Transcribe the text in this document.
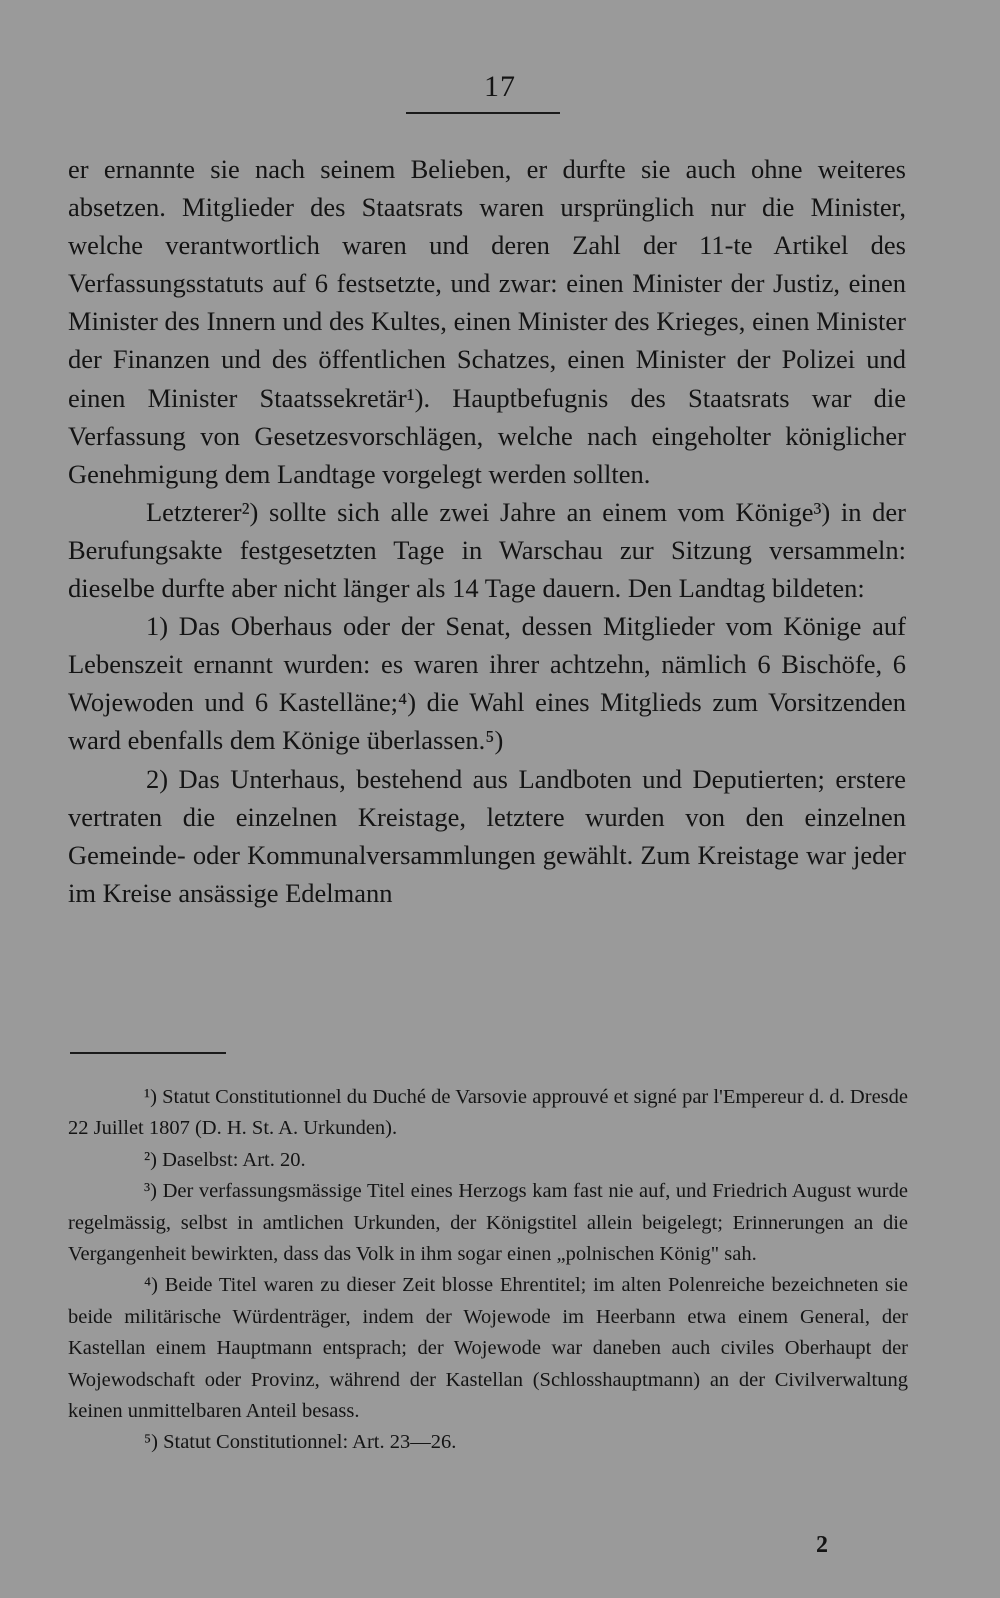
17

er ernannte sie nach seinem Belieben, er durfte sie auch ohne weiteres absetzen. Mitglieder des Staatsrats waren ursprünglich nur die Minister, welche verantwortlich waren und deren Zahl der 11-te Artikel des Verfassungsstatuts auf 6 festsetzte, und zwar: einen Minister der Justiz, einen Minister des Innern und des Kultes, einen Minister des Krieges, einen Minister der Finanzen und des öffentlichen Schatzes, einen Minister der Polizei und einen Minister Staatssekretär¹). Hauptbefugnis des Staatsrats war die Verfassung von Gesetzesvorschlägen, welche nach eingeholter königlicher Genehmigung dem Landtage vorgelegt werden sollten.

Letzterer²) sollte sich alle zwei Jahre an einem vom Könige³) in der Berufungsakte festgesetzten Tage in Warschau zur Sitzung versammeln: dieselbe durfte aber nicht länger als 14 Tage dauern. Den Landtag bildeten:

1) Das Oberhaus oder der Senat, dessen Mitglieder vom Könige auf Lebenszeit ernannt wurden: es waren ihrer achtzehn, nämlich 6 Bischöfe, 6 Wojewoden und 6 Kastelläne;⁴) die Wahl eines Mitglieds zum Vorsitzenden ward ebenfalls dem Könige überlassen.⁵)

2) Das Unterhaus, bestehend aus Landboten und Deputierten; erstere vertraten die einzelnen Kreistage, letztere wurden von den einzelnen Gemeinde- oder Kommunalversammlungen gewählt. Zum Kreistage war jeder im Kreise ansässige Edelmann

¹) Statut Constitutionnel du Duché de Varsovie approuvé et signé par l'Empereur d. d. Dresde 22 Juillet 1807 (D. H. St. A. Urkunden).

²) Daselbst: Art. 20.

³) Der verfassungsmässige Titel eines Herzogs kam fast nie auf, und Friedrich August wurde regelmässig, selbst in amtlichen Urkunden, der Königstitel allein beigelegt; Erinnerungen an die Vergangenheit bewirkten, dass das Volk in ihm sogar einen „polnischen König" sah.

⁴) Beide Titel waren zu dieser Zeit blosse Ehrentitel; im alten Polenreiche bezeichneten sie beide militärische Würdenträger, indem der Wojewode im Heerbann etwa einem General, der Kastellan einem Hauptmann entsprach; der Wojewode war daneben auch civiles Oberhaupt der Wojewodschaft oder Provinz, während der Kastellan (Schlosshauptmann) an der Civilverwaltung keinen unmittelbaren Anteil besass.

⁵) Statut Constitutionnel: Art. 23—26.

2
